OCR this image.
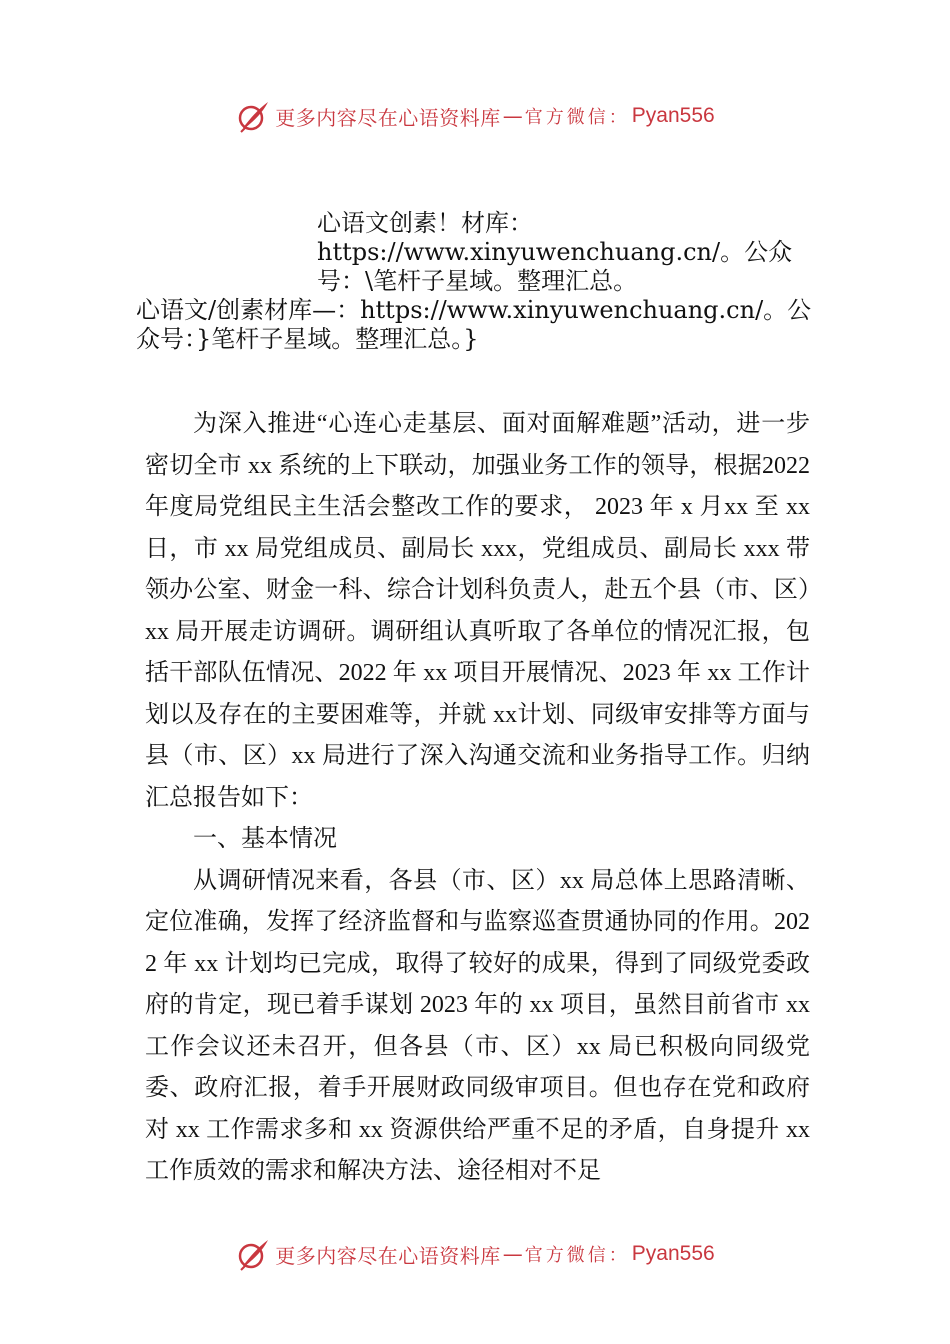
更多内容尽在心语资料库 — 官方微信： Pyan556

心语文创素！材库：https://www.xinyuwenchuang.cn/。公众号：\笔杆子星域。整理汇总。

心语文/创素材库—：https://www.xinyuwenchuang.cn/。公众号：}笔杆子星域。整理汇总。}

为深入推进“心连心走基层、面对面解难题”活动，进一步密切全市 xx 系统的上下联动，加强业务工作的领导，根据2022 年度局党组民主生活会整改工作的要求， 2023 年 x 月xx 至 xx 日，市 xx 局党组成员、副局长 xxx，党组成员、副局长 xxx 带领办公室、财金一科、综合计划科负责人，赴五个县（市、区）xx 局开展走访调研。调研组认真听取了各单位的情况汇报，包括干部队伍情况、2022 年 xx 项目开展情况、2023 年 xx 工作计划以及存在的主要困难等，并就 xx计划、同级审安排等方面与县（市、区）xx 局进行了深入沟通交流和业务指导工作。归纳汇总报告如下：

一、基本情况

从调研情况来看，各县（市、区）xx 局总体上思路清晰、定位准确，发挥了经济监督和与监察巡查贯通协同的作用。2022 年 xx 计划均已完成，取得了较好的成果，得到了同级党委政府的肯定，现已着手谋划 2023 年的 xx 项目，虽然目前省市 xx 工作会议还未召开，但各县（市、区）xx 局已积极向同级党委、政府汇报，着手开展财政同级审项目。但也存在党和政府对 xx 工作需求多和 xx 资源供给严重不足的矛盾，自身提升 xx 工作质效的需求和解决方法、途径相对不足

更多内容尽在心语资料库 — 官方微信： Pyan556
